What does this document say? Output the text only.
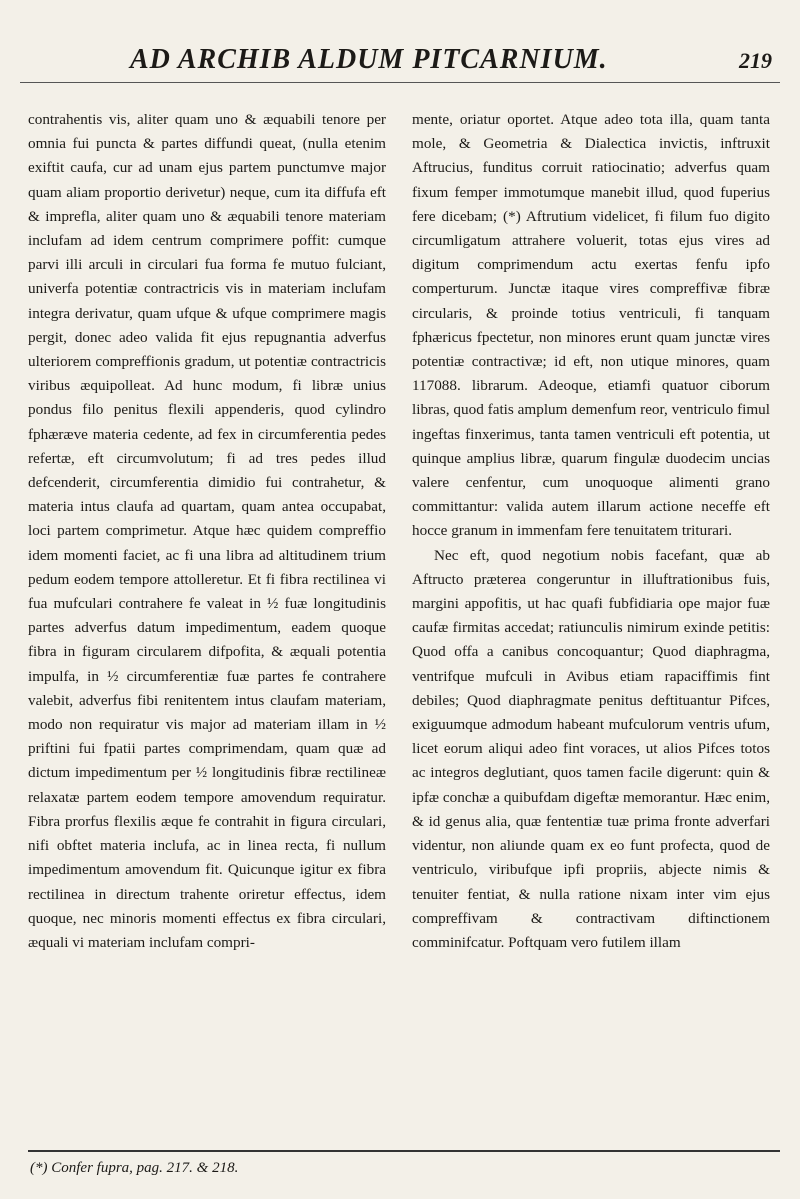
AD ARCHIB ALDUM PITCARNIUM.	219

contrahentis vis, aliter quam uno & æquabili tenore per omnia fui puncta & partes diffundi queat, (nulla etenim exiftit caufa, cur ad unam ejus partem punctumve major quam aliam proportio derivetur) neque, cum ita diffufa eft & imprefla, aliter quam uno & æquabili tenore materiam inclufam ad idem centrum comprimere poffit: cumque parvi illi arculi in circulari fua forma fe mutuo fulciant, univerfa potentiæ contractricis vis in materiam inclufam integra derivatur, quam ufque & ufque comprimere magis pergit, donec adeo valida fit ejus repugnantia adverfus ulteriorem compreffionis gradum, ut potentiæ contractricis viribus æquipolleat. Ad hunc modum, fi libræ unius pondus filo penitus flexili appenderis, quod cylindro fphæræve materia cedente, ad fex in circumferentia pedes refertæ, eft circumvolutum; fi ad tres pedes illud defcenderit, circumferentia dimidio fui contrahetur, & materia intus claufa ad quartam, quam antea occupabat, loci partem comprimetur. Atque hæc quidem compreffio idem momenti faciet, ac fi una libra ad altitudinem trium pedum eodem tempore attolleretur. Et fi fibra rectilinea vi fua mufculari contrahere fe valeat in ½ fuæ longitudinis partes adverfus datum impedimentum, eadem quoque fibra in figuram circularem difpofita, & æquali potentia impulfa, in ½ circumferentiæ fuæ partes fe contrahere valebit, adverfus fibi renitentem intus claufam materiam, modo non requiratur vis major ad materiam illam in ½ priftini fui fpatii partes comprimendam, quam quæ ad dictum impedimentum per ½ longitudinis fibræ rectilineæ relaxatæ partem eodem tempore amovendum requiratur. Fibra prorfus flexilis æque fe contrahit in figura circulari, nifi obftet materia inclufa, ac in linea recta, fi nullum impedimentum amovendum fit. Quicunque igitur ex fibra rectilinea in directum trahente oriretur effectus, idem quoque, nec minoris momenti effectus ex fibra circulari, æquali vi materiam inclufam compri-

mente, oriatur oportet. Atque adeo tota illa, quam tanta mole, & Geometria & Dialectica invictis, inftruxit Aftrucius, funditus corruit ratiocinatio; adverfus quam fixum femper immotumque manebit illud, quod fuperius fere dicebam; (*) Aftrutium videlicet, fi filum fuo digito circumligatum attrahere voluerit, totas ejus vires ad digitum comprimendum actu exertas fenfu ipfo comperturum. Junctæ itaque vires compreffivæ fibræ circularis, & proinde totius ventriculi, fi tanquam fphæricus fpectetur, non minores erunt quam junctæ vires potentiæ contractivæ; id eft, non utique minores, quam 117088. librarum. Adeoque, etiamfi quatuor ciborum libras, quod fatis amplum demenfum reor, ventriculo fimul ingeftas finxerimus, tanta tamen ventriculi eft potentia, ut quinque amplius libræ, quarum fingulæ duodecim uncias valere cenfentur, cum unoquoque alimenti grano committantur: valida autem illarum actione neceffe eft hocce granum in immenfam fere tenuitatem triturari.

Nec eft, quod negotium nobis facefant, quæ ab Aftructo præterea congeruntur in illuftrationibus fuis, margini appofitis, ut hac quafi fubfidiaria ope major fuæ caufæ firmitas accedat; ratiunculis nimirum exinde petitis: Quod offa a canibus concoquantur; Quod diaphragma, ventrifque mufculi in Avibus etiam rapaciffimis fint debiles; Quod diaphragmate penitus deftituantur Pifces, exiguumque admodum habeant mufculorum ventris ufum, licet eorum aliqui adeo fint voraces, ut alios Pifces totos ac integros deglutiant, quos tamen facile digerunt: quin & ipfæ conchæ a quibufdam digeftæ memorantur. Hæc enim, & id genus alia, quæ fententiæ tuæ prima fronte adverfari videntur, non aliunde quam ex eo funt profecta, quod de ventriculo, viribufque ipfi propriis, abjecte nimis & tenuiter fentiat, & nulla ratione nixam inter vim ejus compreffivam & contractivam diftinctionem comminifcatur. Poftquam vero futilem illam

(*) Confer fupra, pag. 217. & 218.
